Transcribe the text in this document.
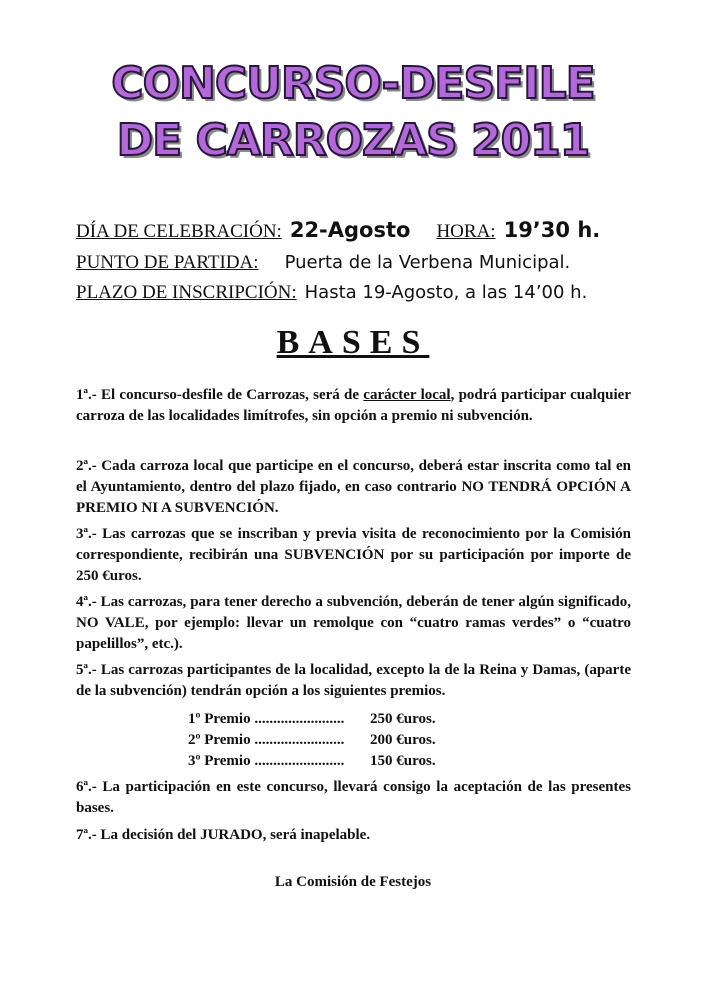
CONCURSO-DESFILE
DE CARROZAS 2011
DÍA DE CELEBRACIÓN: 22-Agosto HORA: 19’30 h.
PUNTO DE PARTIDA: Puerta de la Verbena Municipal.
PLAZO DE INSCRIPCIÓN: Hasta 19-Agosto, a las 14’00 h.
BASES
1ª.- El concurso-desfile de Carrozas, será de carácter local, podrá participar cualquier carroza de las localidades limítrofes, sin opción a premio ni subvención.
2ª.- Cada carroza local que participe en el concurso, deberá estar inscrita como tal en el Ayuntamiento, dentro del plazo fijado, en caso contrario NO TENDRÁ OPCIÓN A PREMIO NI A SUBVENCIÓN.
3ª.- Las carrozas que se inscriban y previa visita de reconocimiento por la Comisión correspondiente, recibirán una SUBVENCIÓN por su participación por importe de 250 €uros.
4ª.- Las carrozas, para tener derecho a subvención, deberán de tener algún significado, NO VALE, por ejemplo: llevar un remolque con “cuatro ramas verdes” o “cuatro papelillos”, etc.).
5ª.- Las carrozas participantes de la localidad, excepto la de la Reina y Damas, (aparte de la subvención) tendrán opción a los siguientes premios.
1º Premio ........................ 250 €uros.
2º Premio ........................ 200 €uros.
3º Premio ........................ 150 €uros.
6ª.- La participación en este concurso, llevará consigo la aceptación de las presentes bases.
7ª.- La decisión del JURADO, será inapelable.
La Comisión de Festejos
